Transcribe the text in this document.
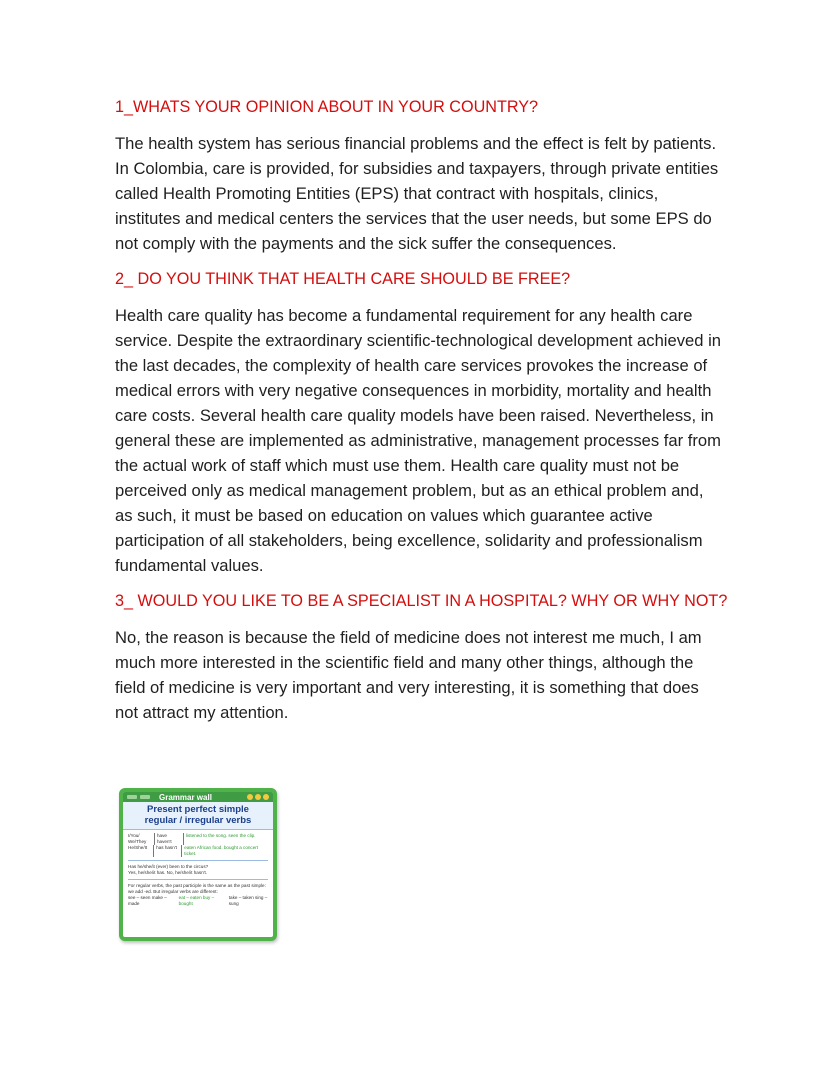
1_WHATS YOUR OPINION ABOUT IN YOUR COUNTRY?

The health system has serious financial problems and the effect is felt by patients. In Colombia, care is provided, for subsidies and taxpayers, through private entities called Health Promoting Entities (EPS) that contract with hospitals, clinics, institutes and medical centers the services that the user needs, but some EPS do not comply with the payments and the sick suffer the consequences.

2_ DO YOU THINK THAT HEALTH CARE SHOULD BE FREE?

Health care quality has become a fundamental requirement for any health care service. Despite the extraordinary scientific-technological development achieved in the last decades, the complexity of health care services provokes the increase of medical errors with very negative consequences in morbidity, mortality and health care costs. Several health care quality models have been raised. Nevertheless, in general these are implemented as administrative, management processes far from the actual work of staff which must use them. Health care quality must not be perceived only as medical management problem, but as an ethical problem and, as such, it must be based on education on values which guarantee active participation of all stakeholders, being excellence, solidarity and professionalism fundamental values.

3_ WOULD YOU LIKE TO BE A SPECIALIST IN A HOSPITAL? WHY OR WHY NOT?

No, the reason is because the field of medicine does not interest me much, I am much more interested in the scientific field and many other things, although the field of medicine is very important and very interesting, it is something that does not attract my attention.

Grammar wall
Present perfect simple
regular / irregular verbs
I/You/ We/They
have haven't
listened to the song. seen the clip.
He/She/It	has hasn't	eaten African food. bought a concert ticket.
Has he/she/it (ever) been to the circus?
Yes, he/she/it has. No, he/she/it hasn't.
For regular verbs, the past participle is the same as the past simple: we add -ed. But irregular verbs are different:
see – seen make – made
eat – eaten buy – bought
take – taken sing – sung
